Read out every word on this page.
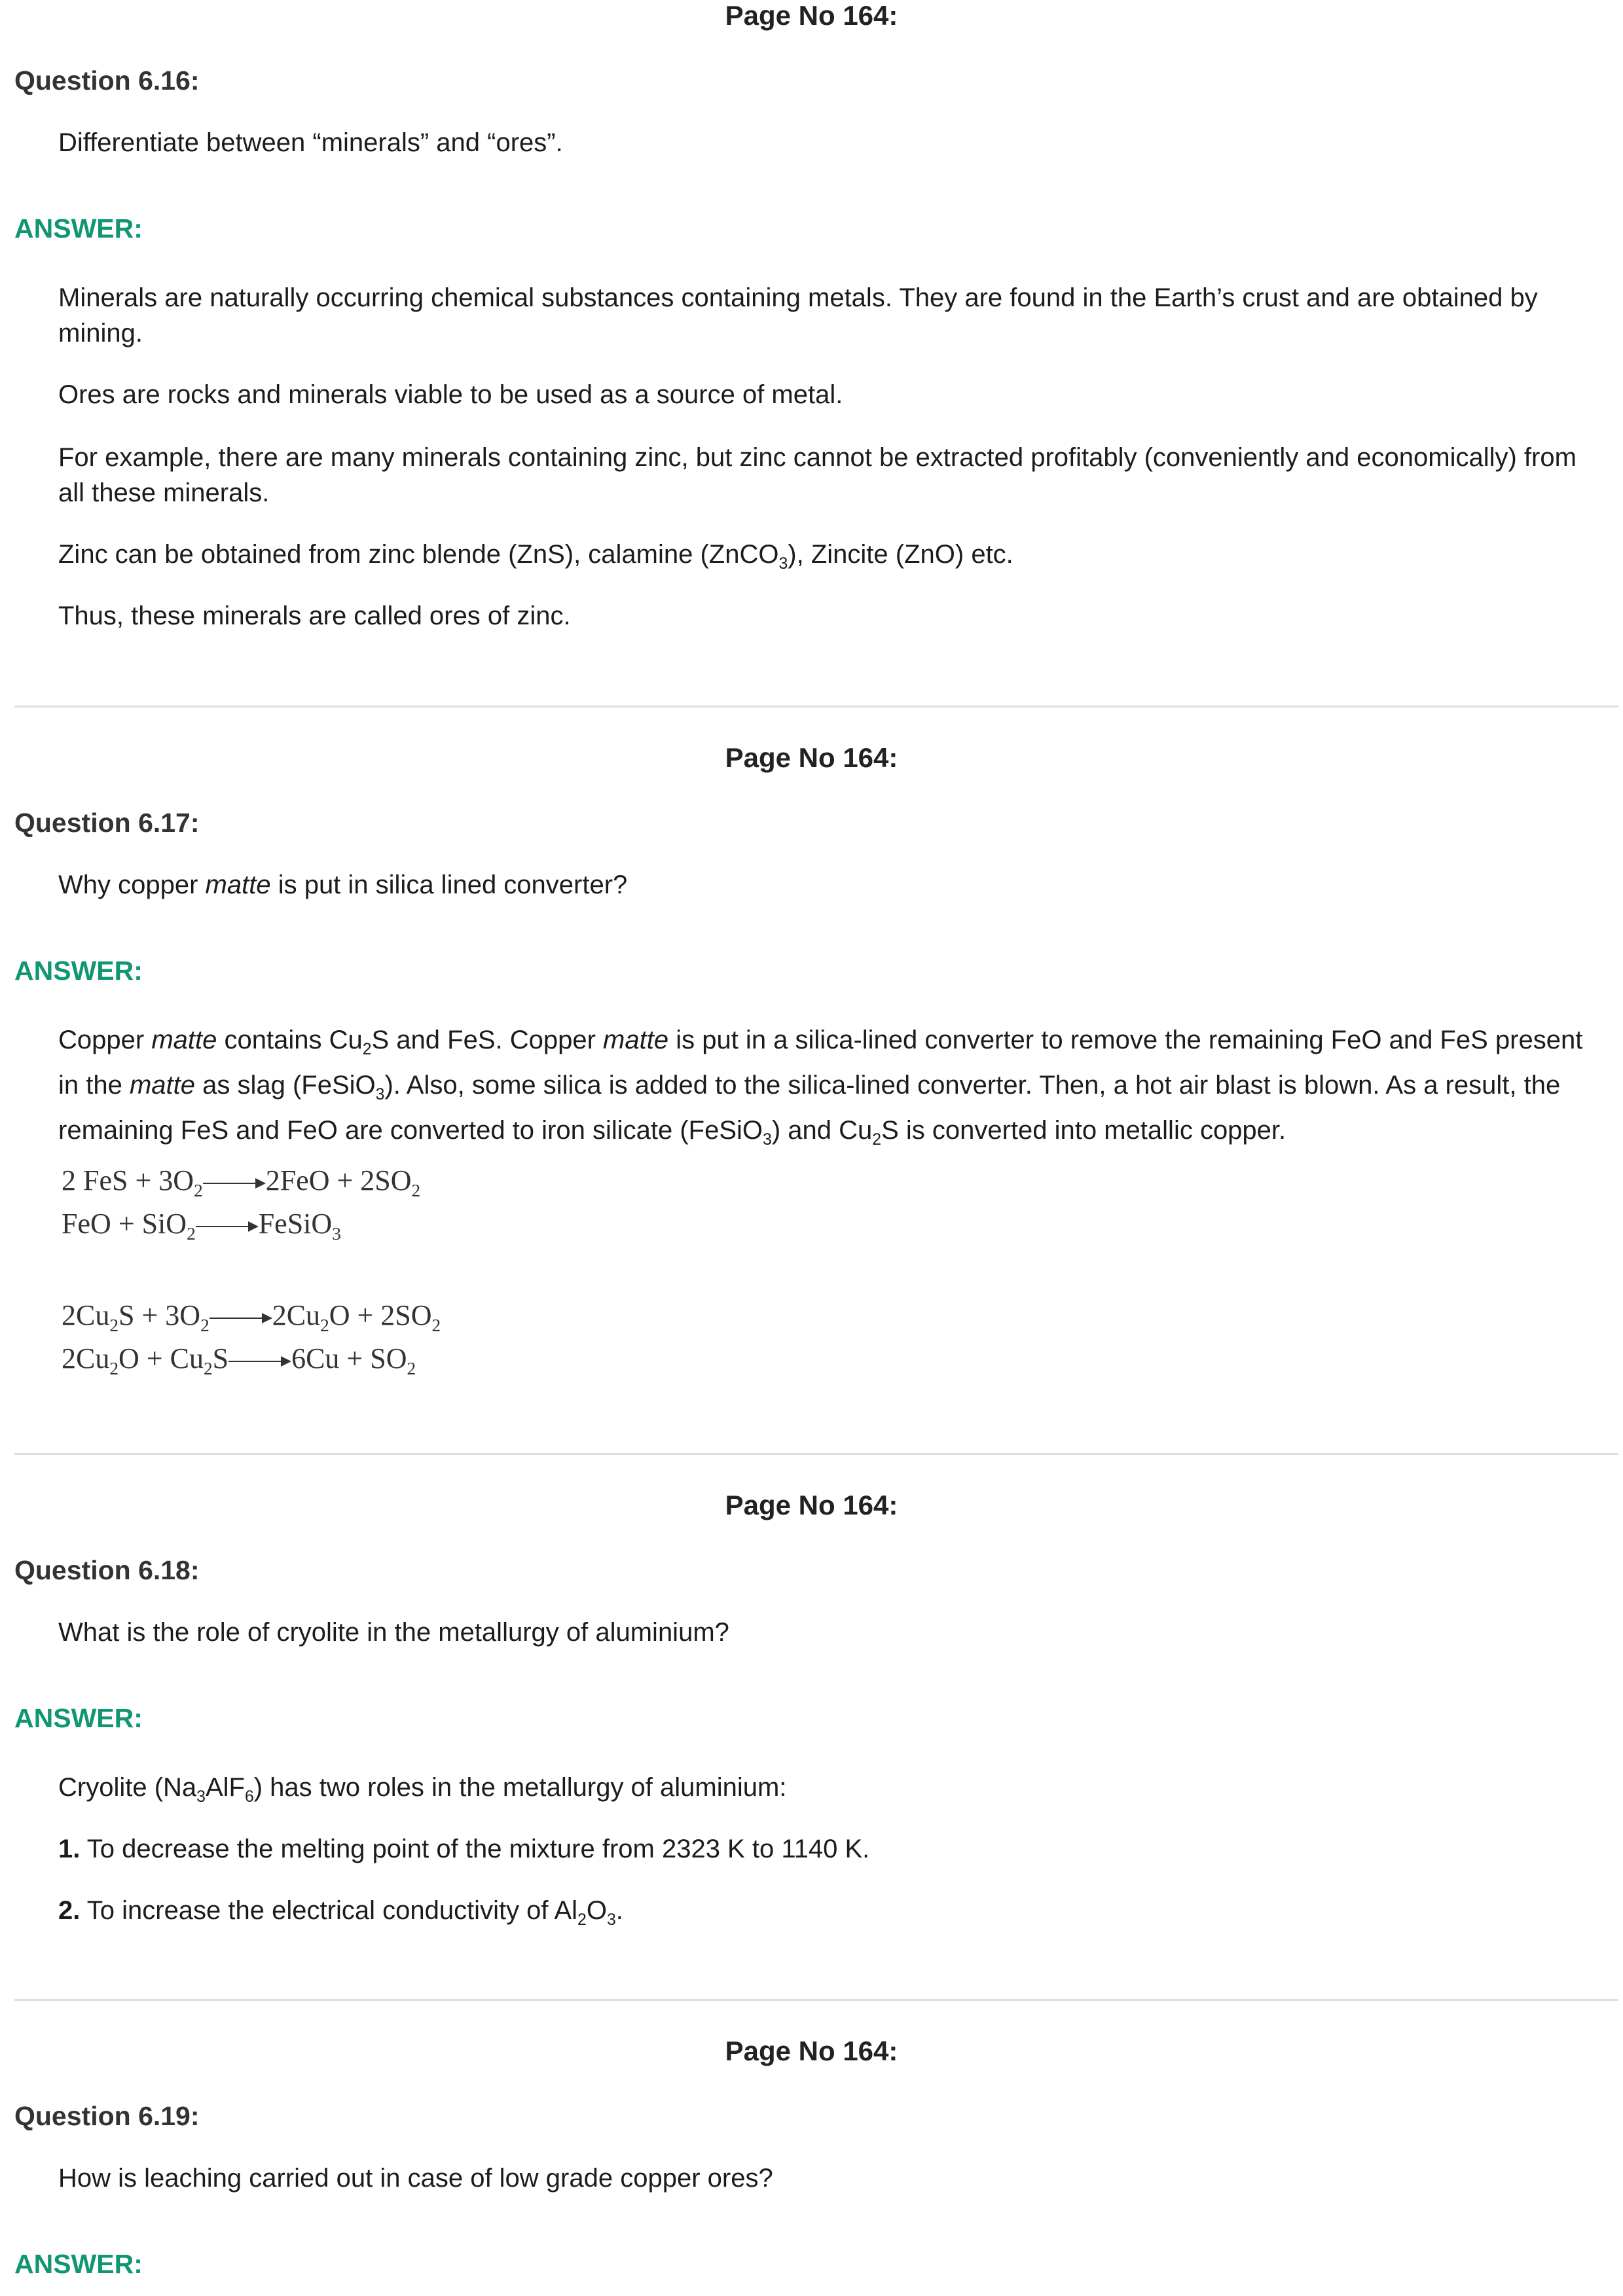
Page No 164:
Question 6.16:
Differentiate between “minerals” and “ores”.
ANSWER:
Minerals are naturally occurring chemical substances containing metals. They are found in the Earth’s crust and are obtained by mining.
Ores are rocks and minerals viable to be used as a source of metal.
For example, there are many minerals containing zinc, but zinc cannot be extracted profitably (conveniently and economically) from all these minerals.
Zinc can be obtained from zinc blende (ZnS), calamine (ZnCO$_3$), Zincite (ZnO) etc.
Thus, these minerals are called ores of zinc.
Page No 164:
Question 6.17:
Why copper matte is put in silica lined converter?
ANSWER:
Copper matte contains $Cu_2S$ and FeS. Copper matte is put in a silica-lined converter to remove the remaining FeO and FeS present in the matte as slag (FeSiO$_3$). Also, some silica is added to the silica-lined converter. Then, a hot air blast is blown. As a result, the remaining FeS and FeO are converted to iron silicate (FeSiO$_3$) and $Cu_2S$ is converted into metallic copper.
2 FeS + $3O_2$ $2FeO + 2SO_2$
FeO + SiO$_2$ FeSiO$_3$
$2Cu_2S + 3O_2$ $2Cu_2O + 2SO_2$
$2Cu_2O + Cu_2S$ $6Cu + SO_2$
Page No 164:
Question 6.18:
What is the role of cryolite in the metallurgy of aluminium?
ANSWER:
Cryolite $(Na_3AlF_6)$ has two roles in the metallurgy of aluminium:
1. To decrease the melting point of the mixture from 2323 K to 1140 K.
2. To increase the electrical conductivity of $Al_2O_3$.
Page No 164:
Question 6.19:
How is leaching carried out in case of low grade copper ores?
ANSWER:
